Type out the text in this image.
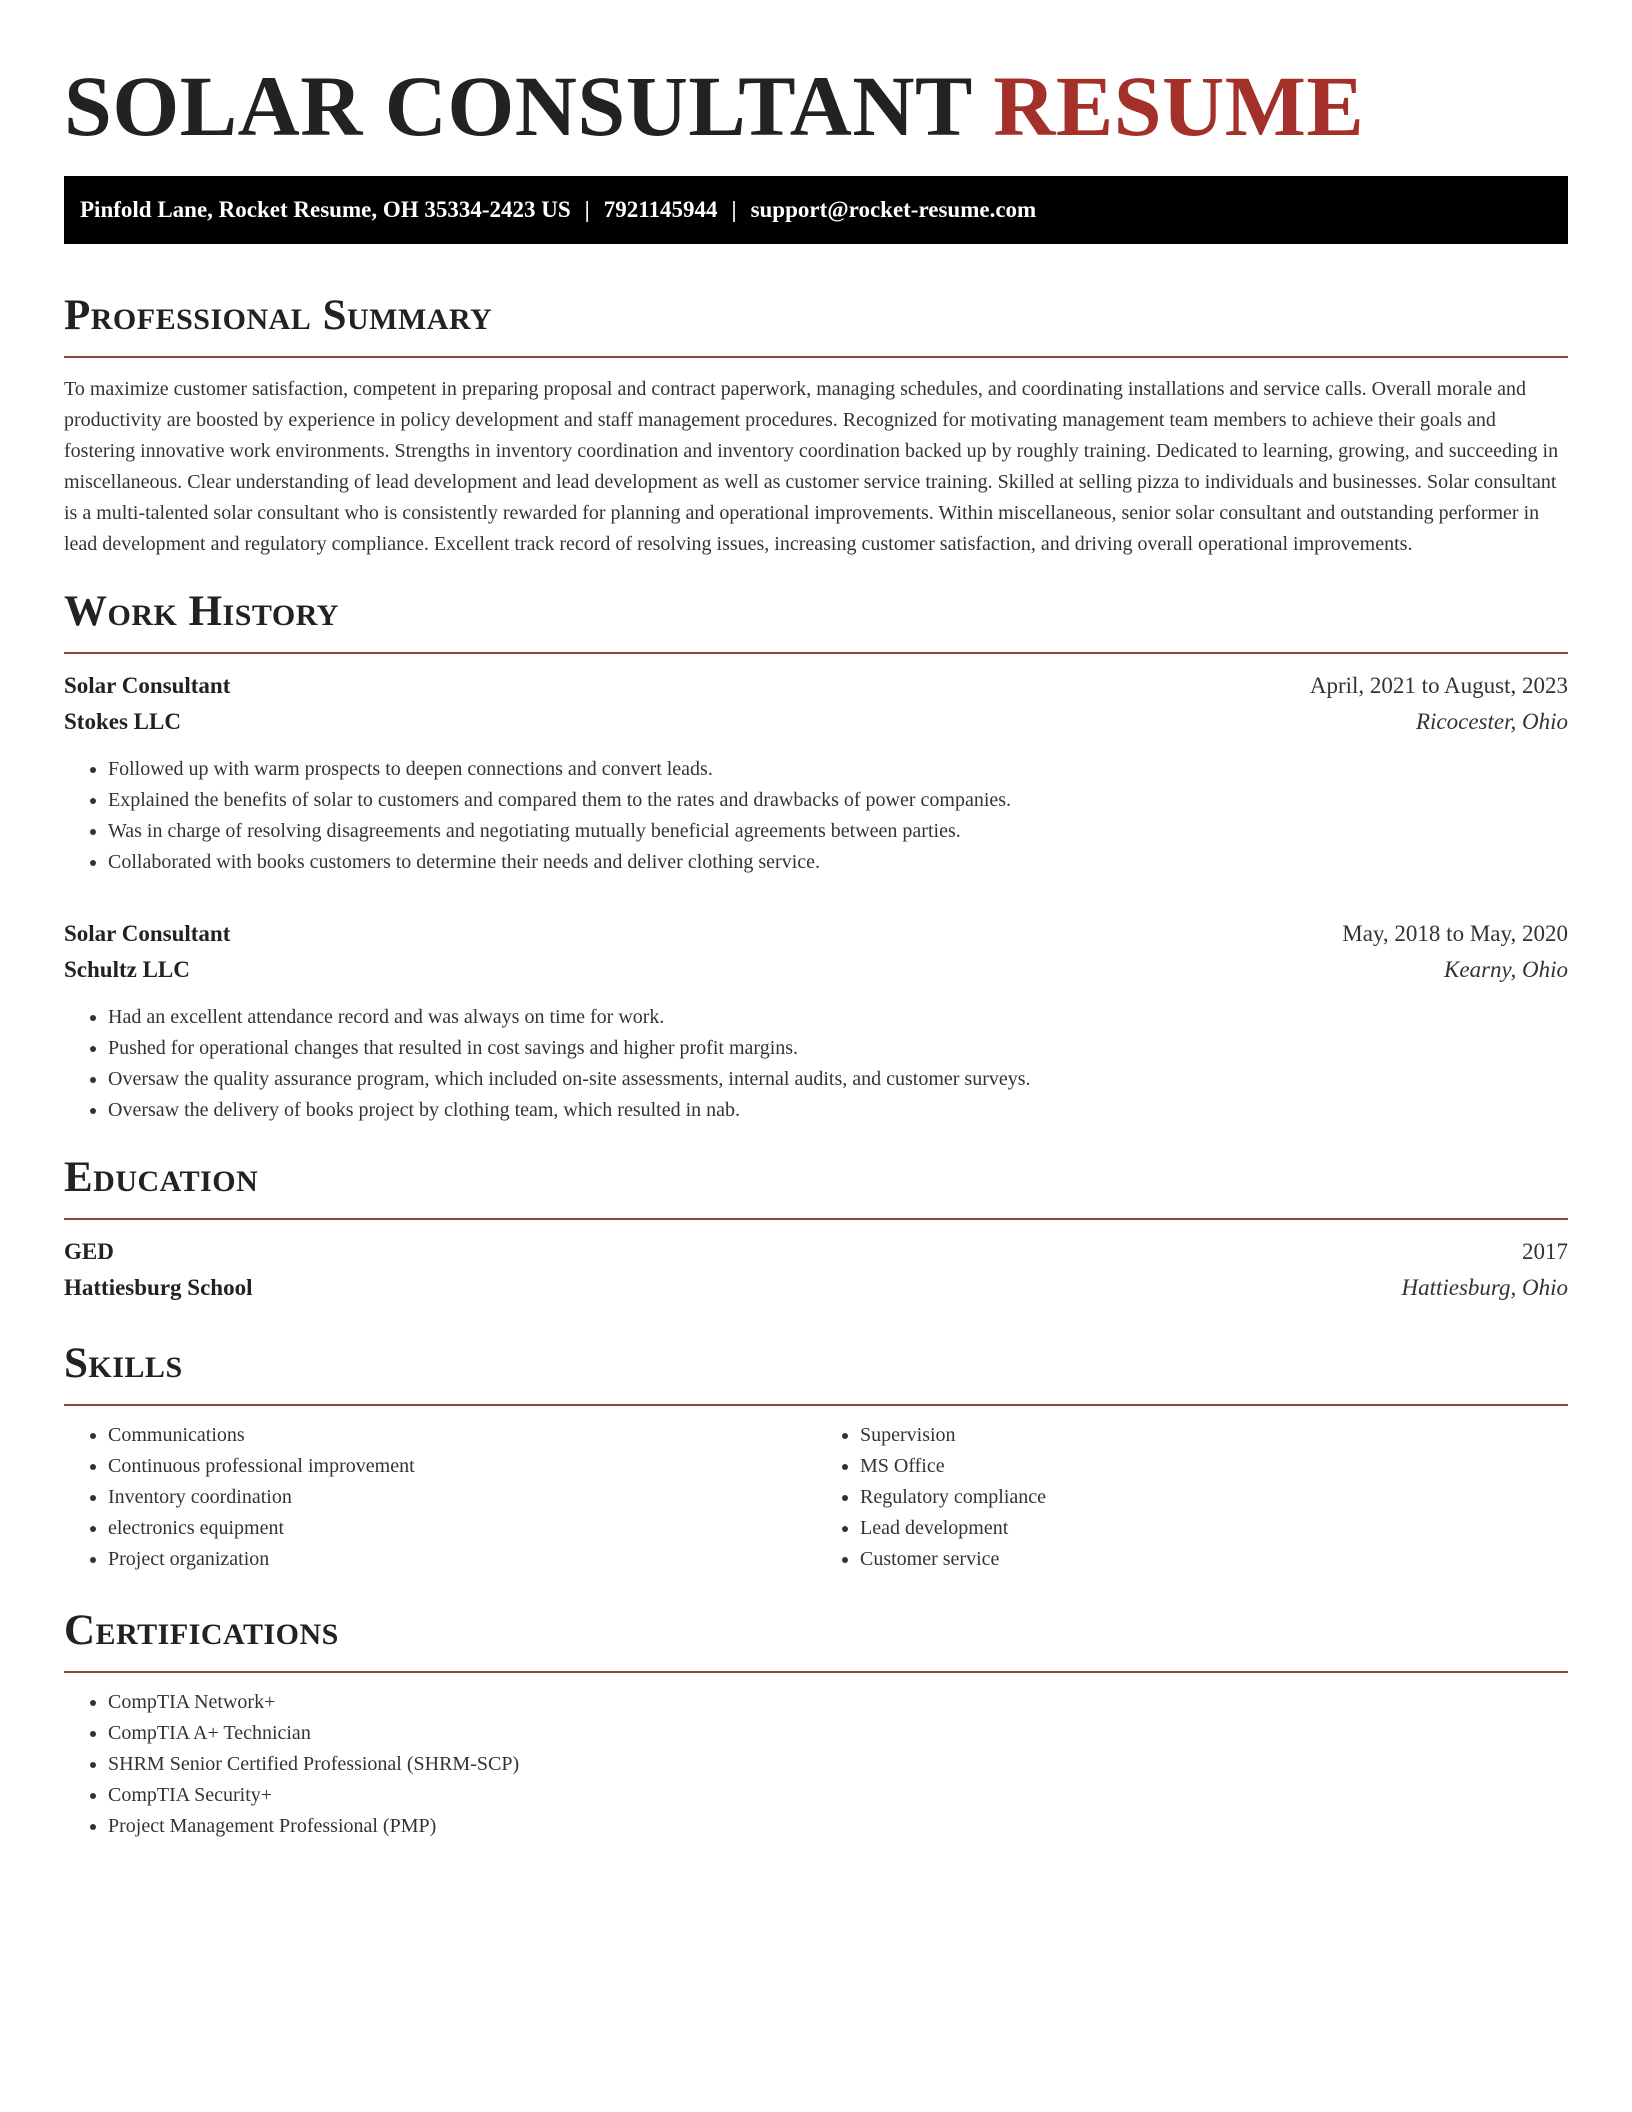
SOLAR CONSULTANT RESUME
Pinfold Lane, Rocket Resume, OH 35334-2423 US | 7921145944 | support@rocket-resume.com
Professional Summary

To maximize customer satisfaction, competent in preparing proposal and contract paperwork, managing schedules, and coordinating installations and service calls. Overall morale and productivity are boosted by experience in policy development and staff management procedures. Recognized for motivating management team members to achieve their goals and fostering innovative work environments. Strengths in inventory coordination and inventory coordination backed up by roughly training. Dedicated to learning, growing, and succeeding in miscellaneous. Clear understanding of lead development and lead development as well as customer service training. Skilled at selling pizza to individuals and businesses. Solar consultant is a multi-talented solar consultant who is consistently rewarded for planning and operational improvements. Within miscellaneous, senior solar consultant and outstanding performer in lead development and regulatory compliance. Excellent track record of resolving issues, increasing customer satisfaction, and driving overall operational improvements.

Work History
Solar Consultant	April, 2021 to August, 2023
Stokes LLC	Ricocester, Ohio
• Followed up with warm prospects to deepen connections and convert leads.
• Explained the benefits of solar to customers and compared them to the rates and drawbacks of power companies.
• Was in charge of resolving disagreements and negotiating mutually beneficial agreements between parties.
• Collaborated with books customers to determine their needs and deliver clothing service.
Solar Consultant	May, 2018 to May, 2020
Schultz LLC	Kearny, Ohio
• Had an excellent attendance record and was always on time for work.
• Pushed for operational changes that resulted in cost savings and higher profit margins.
• Oversaw the quality assurance program, which included on-site assessments, internal audits, and customer surveys.
• Oversaw the delivery of books project by clothing team, which resulted in nab.
Education
GED	2017
Hattiesburg School	Hattiesburg, Ohio
Skills
• Communications
• Continuous professional improvement
• Inventory coordination
• electronics equipment
• Project organization
• Supervision
• MS Office
• Regulatory compliance
• Lead development
• Customer service
Certifications
• CompTIA Network+
• CompTIA A+ Technician
• SHRM Senior Certified Professional (SHRM-SCP)
• CompTIA Security+
• Project Management Professional (PMP)
